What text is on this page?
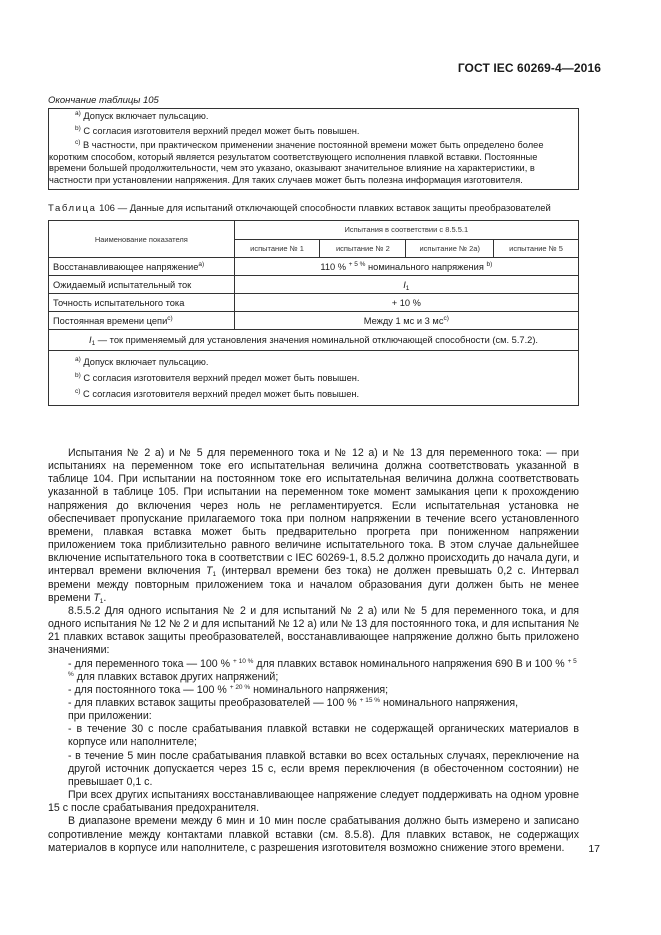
ГОСТ IEC 60269-4—2016
Окончание таблицы 105

$^{a)}$ Допуск включает пульсацию.

$^{b)}$ С согласия изготовителя верхний предел может быть повышен.

$^{c)}$ В частности, при практическом применении значение постоянной времени может быть определено более коротким способом, который является результатом соответствующего исполнения плавкой вставки. Постоянные времени большей продолжительности, чем это указано, оказывают значительное влияние на характеристики, в частности при установлении напряжения. Для таких случаев может быть полезна информация изготовителя.

Таблица 106 — Данные для испытаний отключающей способности плавких вставок защиты преобразователей
Наименование показателя	Испытания в соответствии с 8.5.5.1			
	испытание № 1	испытание № 2	испытание № 2а)	испытание № 5
Восстанавливающее напряжение$^{a)}$	110 % $^{+ 5 \%}$ номинального напряжения $^{b)}$
Ожидаемый испытательный ток	$I_1$
Точность испытательного тока	+ 10 %			
Постоянная времени цепи$^{c)}$	Между 1 мс и 3 $мс^{c)}$
$I_1$ — ток применяемый для установления значения номинальной отключающей способности (см. 5.7.2).				

$^{a)}$ Допуск включает пульсацию.
$^{b)}$ С согласия изготовителя верхний предел может быть повышен.
$^{c)}$ С согласия изготовителя верхний предел может быть повышен.				

Испытания № 2 а) и № 5 для переменного тока и № 12 а) и № 13 для переменного тока: — при испытаниях на переменном токе его испытательная величина должна соответствовать указанной в таблице 104. При испытании на постоянном токе его испытательная величина должна соответствовать указанной в таблице 105. При испытании на переменном токе момент замыкания цепи к прохождению напряжения до включения через ноль не регламентируется. Если испытательная установка не обеспечивает пропускание прилагаемого тока при полном напряжении в течение всего установленного времени, плавкая вставка может быть предварительно прогрета при пониженном напряжении приложением тока приблизительно равного величине испытательного тока. В этом случае дальнейшее включение испытательного тока в соответствии с IEC 60269-1, 8.5.2 должно происходить до начала дуги, и интервал времени включения $T_1$ (интервал времени без тока) не должен превышать 0,2 с. Интервал времени между повторным приложением тока и началом образования дуги должен быть не менее времени $T_1$.

8.5.5.2 Для одного испытания № 2 и для испытаний № 2 а) или № 5 для переменного тока, и для одного испытания № 12 № 2 и для испытаний № 12 а) или № 13 для постоянного тока, и для испытания № 21 плавких вставок защиты преобразователей, восстанавливающее напряжение должно быть приложено значениями:

- для переменного тока — 100 % $^{+ 10 \%}$ для плавких вставок номинального напряжения 690 В и 100 % $^{+ 5 \%}$ для плавких вставок других напряжений;

- для постоянного тока — 100 % $^{+ 20 \%}$ номинального напряжения;

- для плавких вставок защиты преобразователей — 100 % $^{+ 15 \%}$ номинального напряжения,

при приложении:

- в течение 30 с после срабатывания плавкой вставки не содержащей органических материалов в корпусе или наполнителе;

- в течение 5 мин после срабатывания плавкой вставки во всех остальных случаях, переключение на другой источник допускается через 15 с, если время переключения (в обесточенном состоянии) не превышает 0,1 с.

При всех других испытаниях восстанавливающее напряжение следует поддерживать на одном уровне 15 с после срабатывания предохранителя.

В диапазоне времени между 6 мин и 10 мин после срабатывания должно быть измерено и записано сопротивление между контактами плавкой вставки (см. 8.5.8). Для плавких вставок, не содержащих материалов в корпусе или наполнителе, с разрешения изготовителя возможно снижение этого времени.	17
